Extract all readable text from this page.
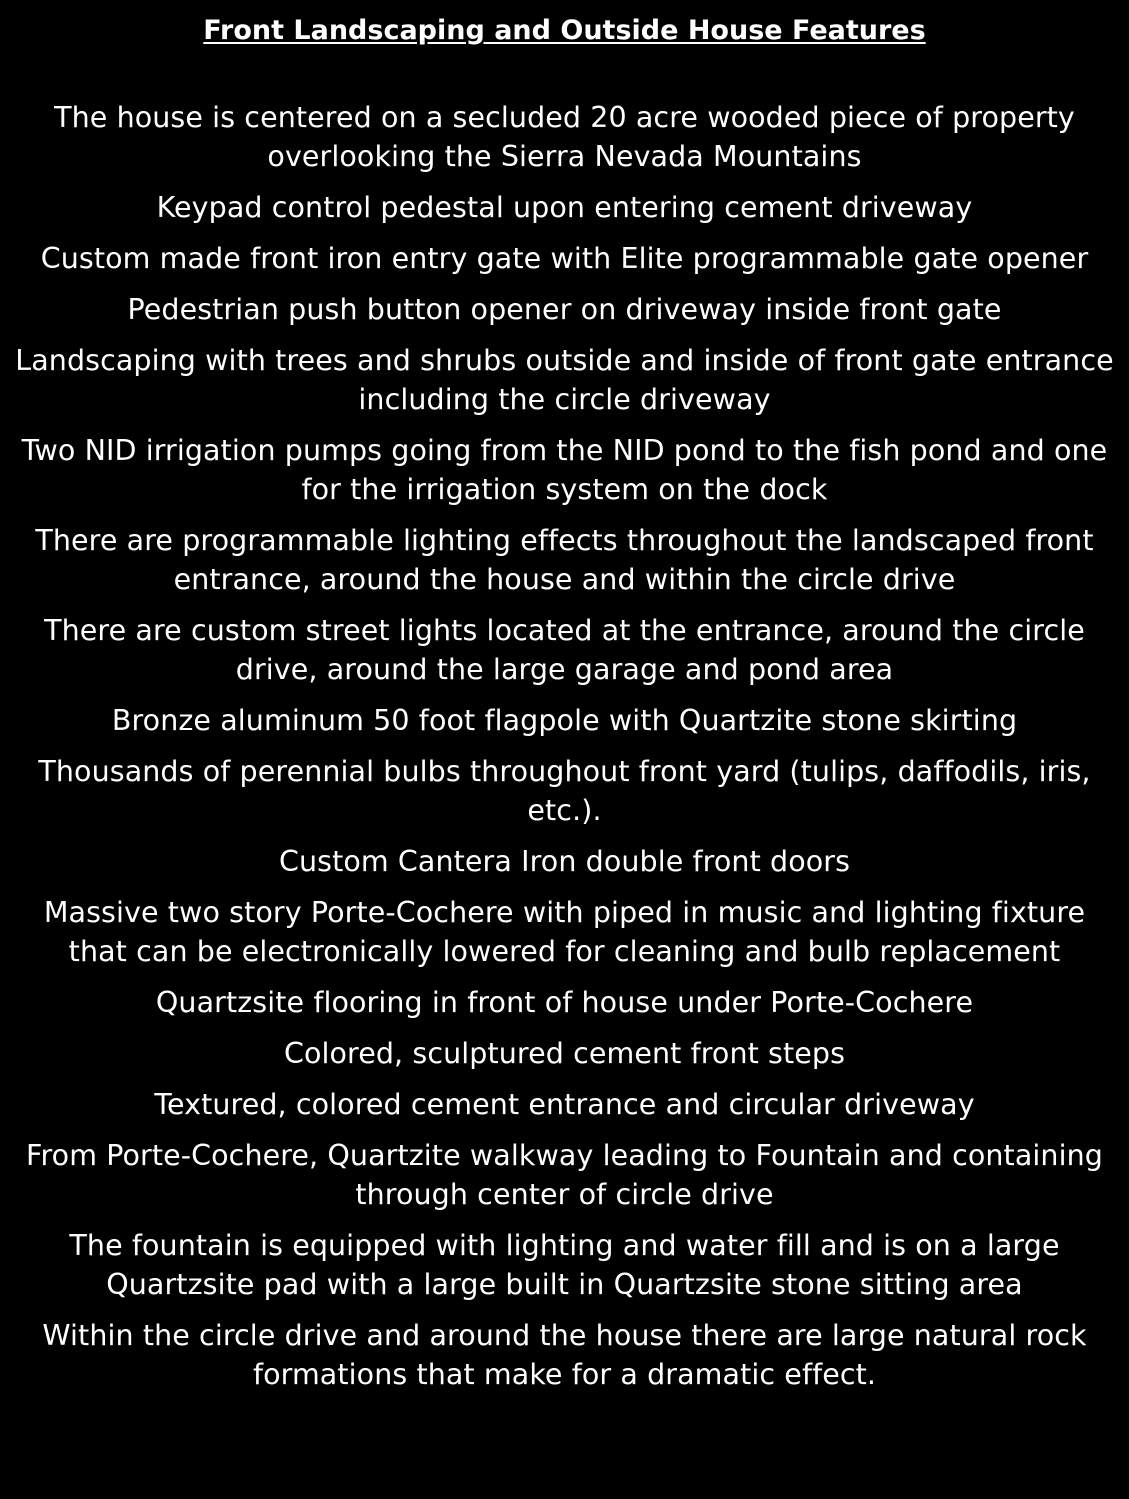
Front Landscaping and Outside House Features
The house is centered on a secluded 20 acre wooded piece of property overlooking the Sierra Nevada Mountains
Keypad control pedestal upon entering cement driveway
Custom made front iron entry gate with Elite programmable gate opener
Pedestrian push button opener on driveway inside front gate
Landscaping with trees and shrubs outside and inside of front gate entrance including the circle driveway
Two NID irrigation pumps going from the NID pond to the fish pond and one for the irrigation system on the dock
There are programmable lighting effects throughout the landscaped front entrance, around the house and within the circle drive
There are custom street lights located at the entrance, around the circle drive, around the large garage and pond area
Bronze aluminum 50 foot flagpole with Quartzite stone skirting
Thousands of perennial bulbs throughout front yard (tulips, daffodils, iris, etc.).
Custom Cantera Iron double front doors
Massive two story Porte-Cochere with piped in music and lighting fixture that can be electronically lowered for cleaning and bulb replacement
Quartzsite flooring in front of house under Porte-Cochere
Colored, sculptured cement front steps
Textured, colored cement entrance and circular driveway
From Porte-Cochere, Quartzite walkway leading to Fountain and containing through center of circle drive
The fountain is equipped with lighting and water fill and is on a large Quartzsite pad with a large built in Quartzsite stone sitting area
Within the circle drive and around the house there are large natural rock formations that make for a dramatic effect.
